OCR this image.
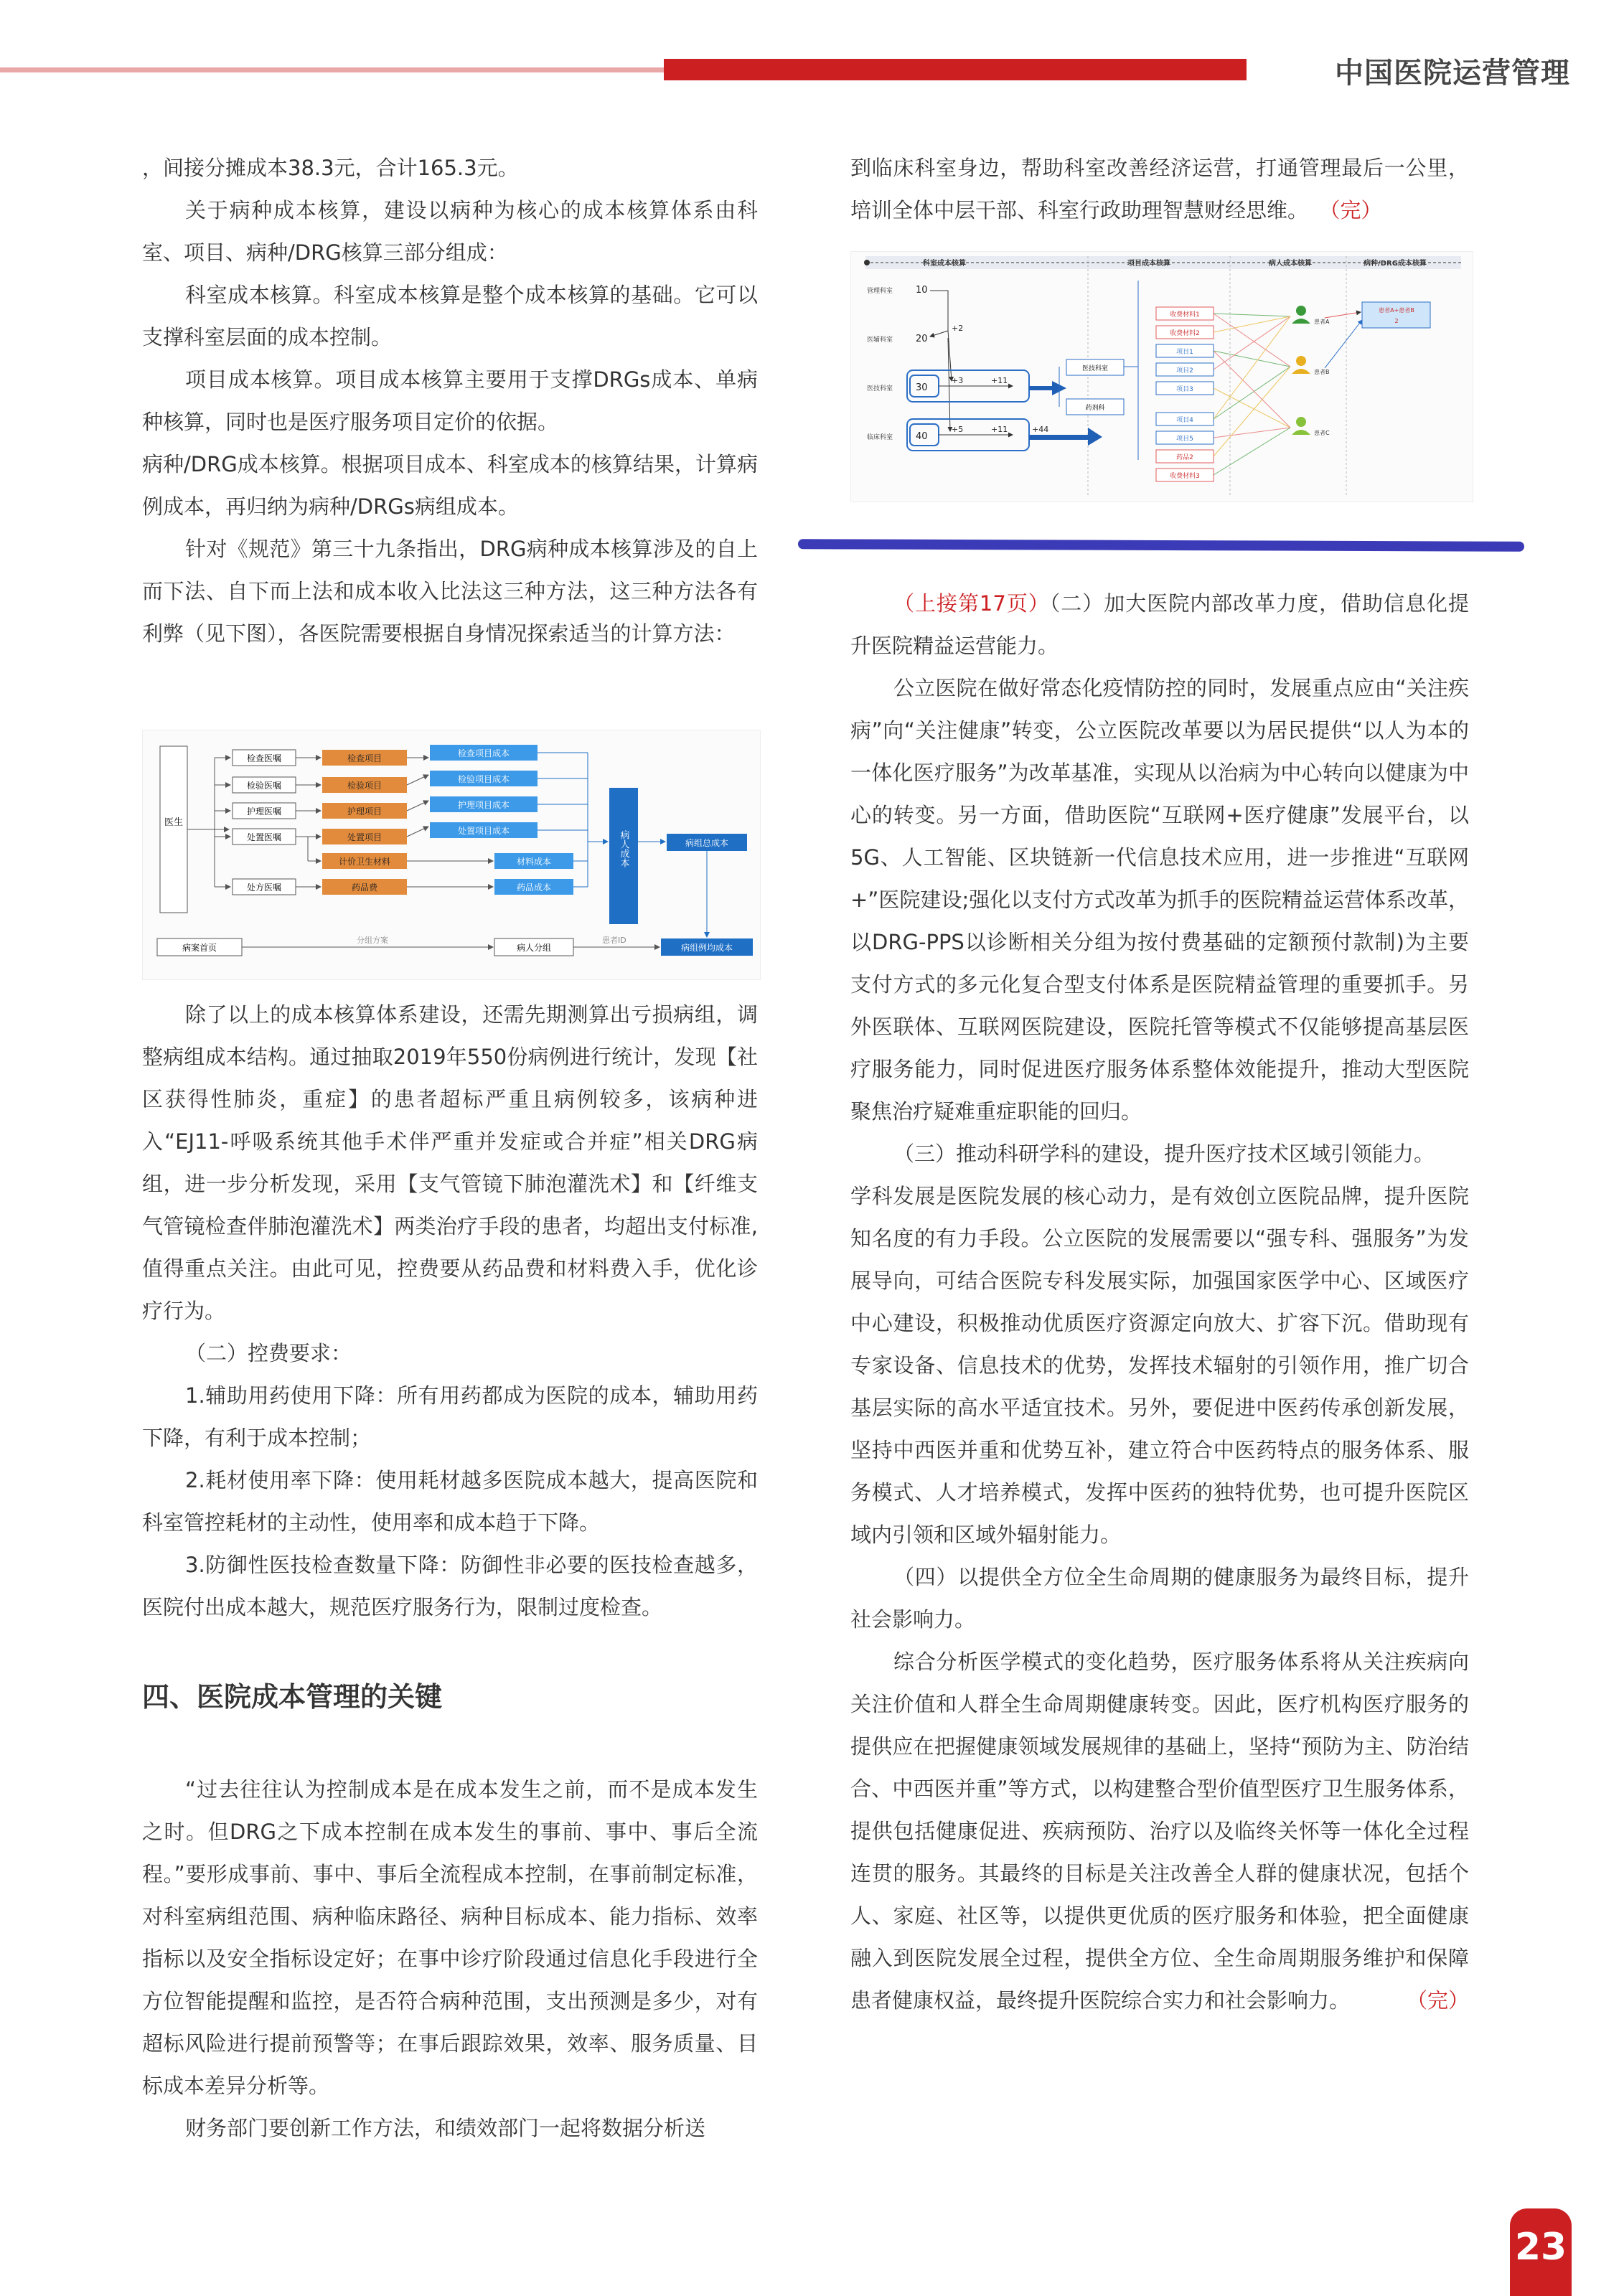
中国医院运营管理

，间接分摊成本38.3元，合计165.3元。

关于病种成本核算，建设以病种为核心的成本核算体系由科室、项目、病种/DRG核算三部分组成：

科室成本核算。科室成本核算是整个成本核算的基础。它可以支撑科室层面的成本控制。

项目成本核算。项目成本核算主要用于支撑DRGs成本、单病种核算，同时也是医疗服务项目定价的依据。

病种/DRG成本核算。根据项目成本、科室成本的核算结果，计算病例成本，再归纳为病种/DRGs病组成本。

针对《规范》第三十九条指出，DRG病种成本核算涉及的自上而下法、自下而上法和成本收入比法这三种方法，这三种方法各有利弊（见下图），各医院需要根据自身情况探索适当的计算方法：

医生
检查医嘱
检验医嘱
护理医嘱
处置医嘱
处方医嘱
检查项目
检验项目
护理项目
处置项目
计价卫生材料
药品费
检查项目成本
检验项目成本
护理项目成本
处置项目成本
材料成本
药品成本
病人成本	病组总成本
病组例均成本
病案首页
分组方案
病人分组
患者ID

除了以上的成本核算体系建设，还需先期测算出亏损病组，调整病组成本结构。通过抽取2019年550份病例进行统计，发现【社区获得性肺炎，重症】的患者超标严重且病例较多，该病种进入“EJ11-呼吸系统其他手术伴严重并发症或合并症”相关DRG病组，进一步分析发现，采用【支气管镜下肺泡灌洗术】和【纤维支气管镜检查伴肺泡灌洗术】两类治疗手段的患者，均超出支付标准,值得重点关注。由此可见，控费要从药品费和材料费入手，优化诊疗行为。

（二）控费要求：

1.辅助用药使用下降：所有用药都成为医院的成本，辅助用药下降，有利于成本控制；

2.耗材使用率下降：使用耗材越多医院成本越大，提高医院和科室管控耗材的主动性，使用率和成本趋于下降。

3.防御性医技检查数量下降：防御性非必要的医技检查越多，医院付出成本越大，规范医疗服务行为，限制过度检查。

四、医院成本管理的关键

“过去往往认为控制成本是在成本发生之前，而不是成本发生之时。但DRG之下成本控制在成本发生的事前、事中、事后全流程。”要形成事前、事中、事后全流程成本控制，在事前制定标准，对科室病组范围、病种临床路径、病种目标成本、能力指标、效率指标以及安全指标设定好；在事中诊疗阶段通过信息化手段进行全方位智能提醒和监控，是否符合病种范围，支出预测是多少，对有超标风险进行提前预警等；在事后跟踪效果，效率、服务质量、目标成本差异分析等。

财务部门要创新工作方法，和绩效部门一起将数据分析送

到临床科室身边，帮助科室改善经济运营，打通管理最后一公里，培训全体中层干部、科室行政助理智慧财经思维。 （完）

科室成本核算	项目成本核算	病人成本核算	病种/DRG成本核算
管理科室
医辅科室
医技科室
临床科室
10
20
30
40
+2
+3	+11
+5	+11	+44
医技科室
药剂科
收费材料1
收费材料2
项目1
项目2
项目3
项目4
项目5
药品2
收费材料3
患者A
患者B
患者C
患者A+患者B
2

（上接第17页）（二）加大医院内部改革力度，借助信息化提升医院精益运营能力。

公立医院在做好常态化疫情防控的同时，发展重点应由“关注疾病”向“关注健康”转变，公立医院改革要以为居民提供“以人为本的一体化医疗服务”为改革基准，实现从以治病为中心转向以健康为中心的转变。另一方面，借助医院“互联网+医疗健康”发展平台，以5G、人工智能、区块链新一代信息技术应用，进一步推进“互联网+”医院建设;强化以支付方式改革为抓手的医院精益运营体系改革，以DRG-PPS以诊断相关分组为按付费基础的定额预付款制)为主要支付方式的多元化复合型支付体系是医院精益管理的重要抓手。另外医联体、互联网医院建设，医院托管等模式不仅能够提高基层医疗服务能力，同时促进医疗服务体系整体效能提升，推动大型医院聚焦治疗疑难重症职能的回归。

（三）推动科研学科的建设，提升医疗技术区域引领能力。

学科发展是医院发展的核心动力，是有效创立医院品牌，提升医院知名度的有力手段。公立医院的发展需要以“强专科、强服务”为发展导向，可结合医院专科发展实际，加强国家医学中心、区域医疗中心建设，积极推动优质医疗资源定向放大、扩容下沉。借助现有专家设备、信息技术的优势，发挥技术辐射的引领作用，推广切合基层实际的高水平适宜技术。另外，要促进中医药传承创新发展，坚持中西医并重和优势互补，建立符合中医药特点的服务体系、服务模式、人才培养模式，发挥中医药的独特优势，也可提升医院区域内引领和区域外辐射能力。

（四）以提供全方位全生命周期的健康服务为最终目标，提升社会影响力。

综合分析医学模式的变化趋势，医疗服务体系将从关注疾病向关注价值和人群全生命周期健康转变。因此，医疗机构医疗服务的提供应在把握健康领域发展规律的基础上，坚持“预防为主、防治结合、中西医并重”等方式，以构建整合型价值型医疗卫生服务体系，提供包括健康促进、疾病预防、治疗以及临终关怀等一体化全过程连贯的服务。其最终的目标是关注改善全人群的健康状况，包括个人、家庭、社区等，以提供更优质的医疗服务和体验，把全面健康融入到医院发展全过程，提供全方位、全生命周期服务维护和保障患者健康权益，最终提升医院综合实力和社会影响力。	（完）

23
